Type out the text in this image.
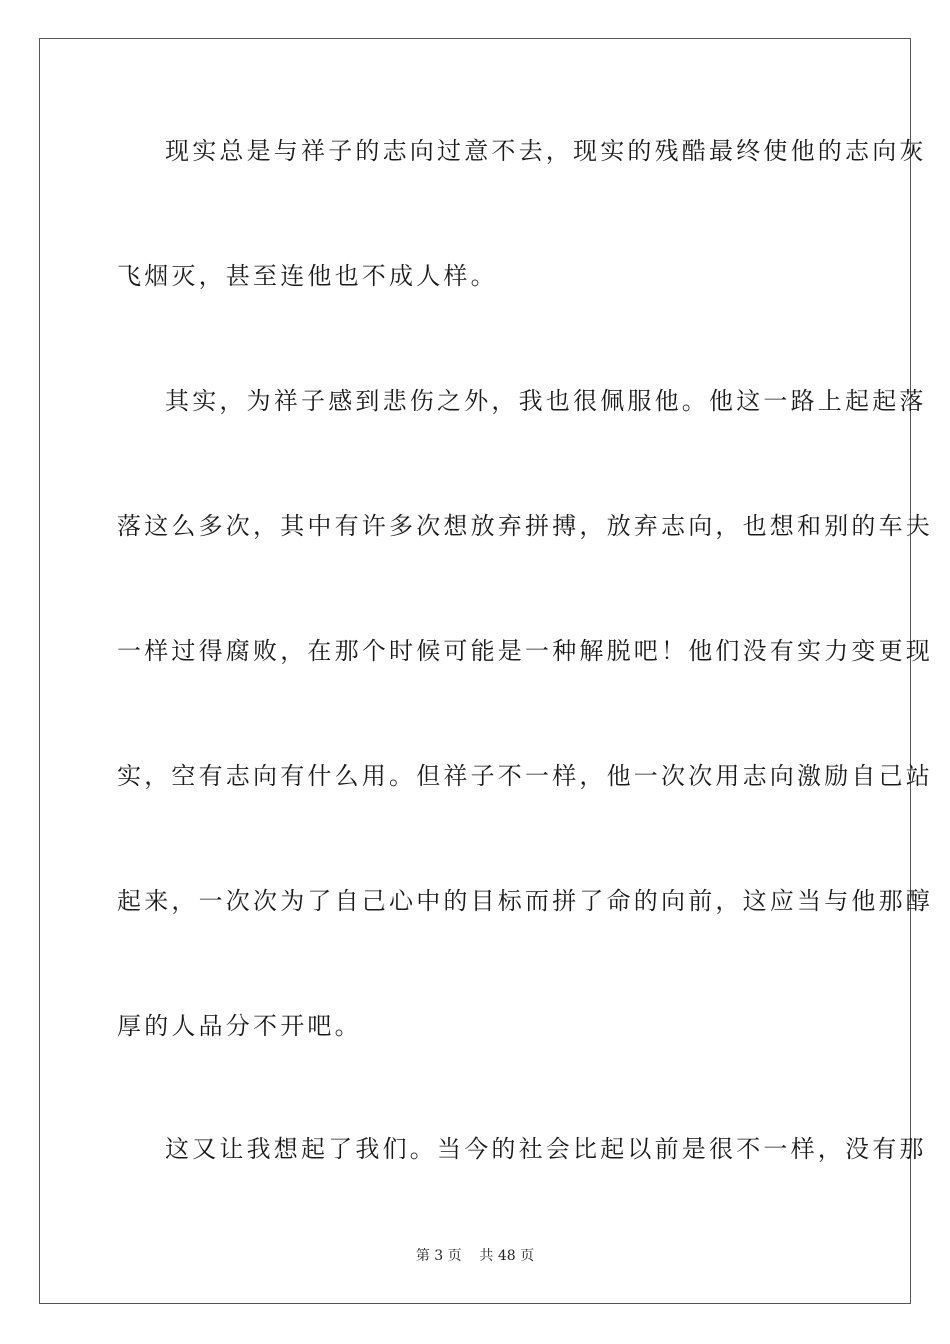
现实总是与祥子的志向过意不去，现实的残酷最终使他的志向灰
飞烟灭，甚至连他也不成人样。
其实，为祥子感到悲伤之外，我也很佩服他。他这一路上起起落
落这么多次，其中有许多次想放弃拼搏，放弃志向，也想和别的车夫
一样过得腐败，在那个时候可能是一种解脱吧！他们没有实力变更现
实，空有志向有什么用。但祥子不一样，他一次次用志向激励自己站
起来，一次次为了自己心中的目标而拼了命的向前，这应当与他那醇
厚的人品分不开吧。
这又让我想起了我们。当今的社会比起以前是很不一样，没有那
第 3 页    共 48 页
